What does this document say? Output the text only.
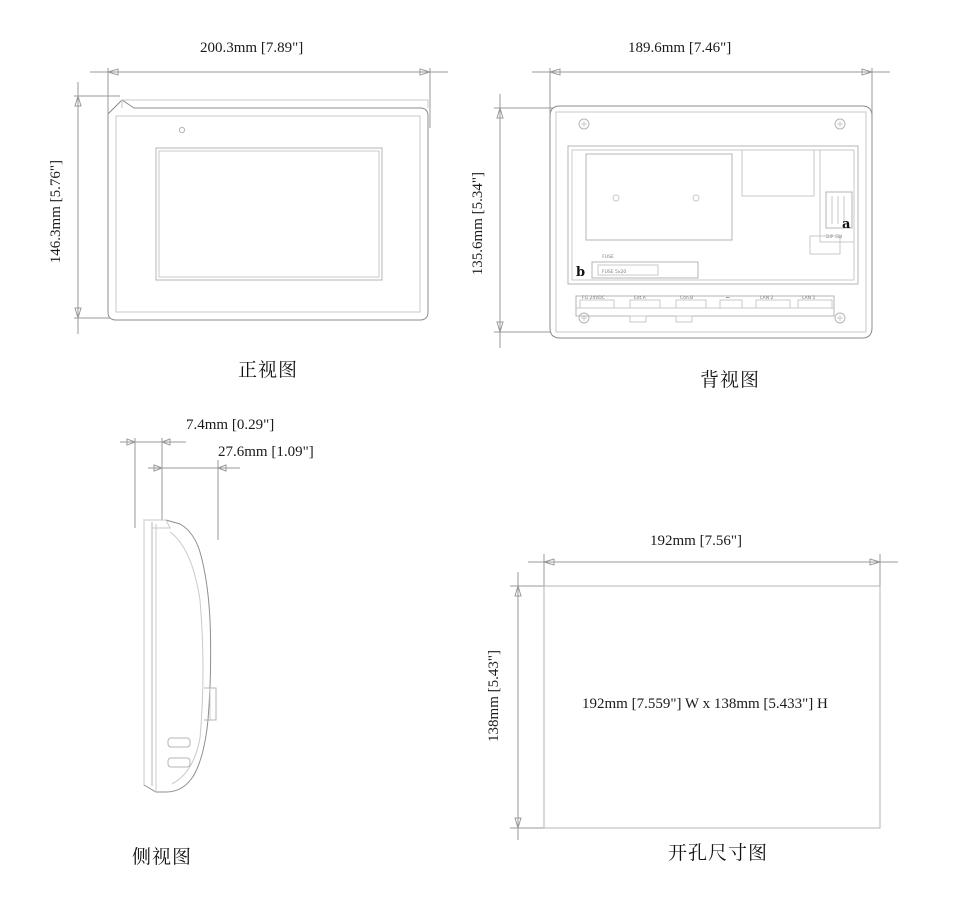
200.3mm [7.89"]
146.3mm [5.76"]
正视图
DIP SW
FUSE
FUSE 5x20
FG 24VDC	Ext.A	Con.B	⎓	LAN 2	LAN 1
a
b
189.6mm [7.46"]
135.6mm [5.34"]
背视图
7.4mm [0.29"]
27.6mm [1.09"]
侧视图
192mm [7.56"]
138mm [5.43"]	192mm [7.559"] W x 138mm [5.433"] H
开孔尺寸图
